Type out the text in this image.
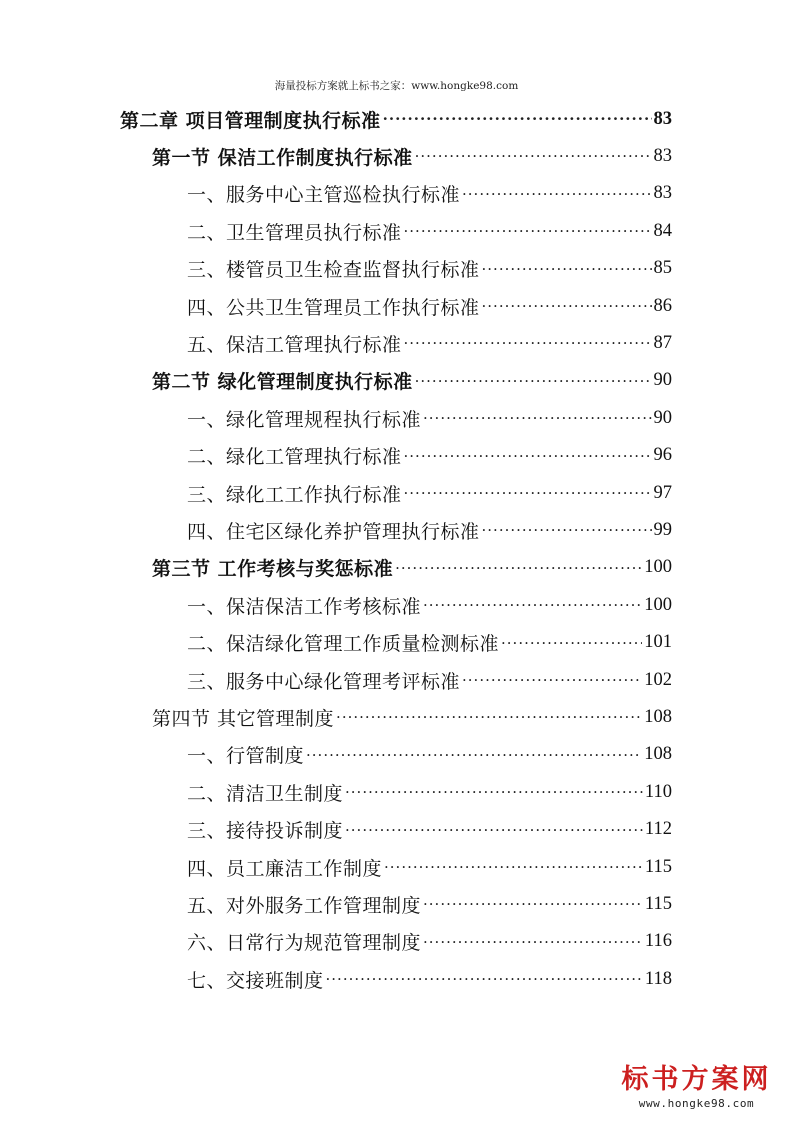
海量投标方案就上标书之家：www.hongke98.com
第二章 项目管理制度执行标准 ·····	83
第一节 保洁工作制度执行标准 ·····	83
一、服务中心主管巡检执行标准 ·····	83
二、卫生管理员执行标准 ·····	84
三、楼管员卫生检查监督执行标准 ·····	85
四、公共卫生管理员工作执行标准 ·····	86
五、保洁工管理执行标准 ·····	87
第二节 绿化管理制度执行标准 ·····	90
一、绿化管理规程执行标准 ·····	90
二、绿化工管理执行标准 ·····	96
三、绿化工工作执行标准 ·····	97
四、住宅区绿化养护管理执行标准 ·····	99
第三节 工作考核与奖惩标准 ·····	100
一、保洁保洁工作考核标准 ·····	100
二、保洁绿化管理工作质量检测标准 ·····	101
三、服务中心绿化管理考评标准 ·····	102
第四节 其它管理制度 ·····	108
一、行管制度 ·····	108
二、清洁卫生制度 ·····	110
三、接待投诉制度 ·····	112
四、员工廉洁工作制度 ·····	115
五、对外服务工作管理制度 ·····	115
六、日常行为规范管理制度 ·····	116
七、交接班制度 ·····	118
标书方案网
www.hongke98.com
